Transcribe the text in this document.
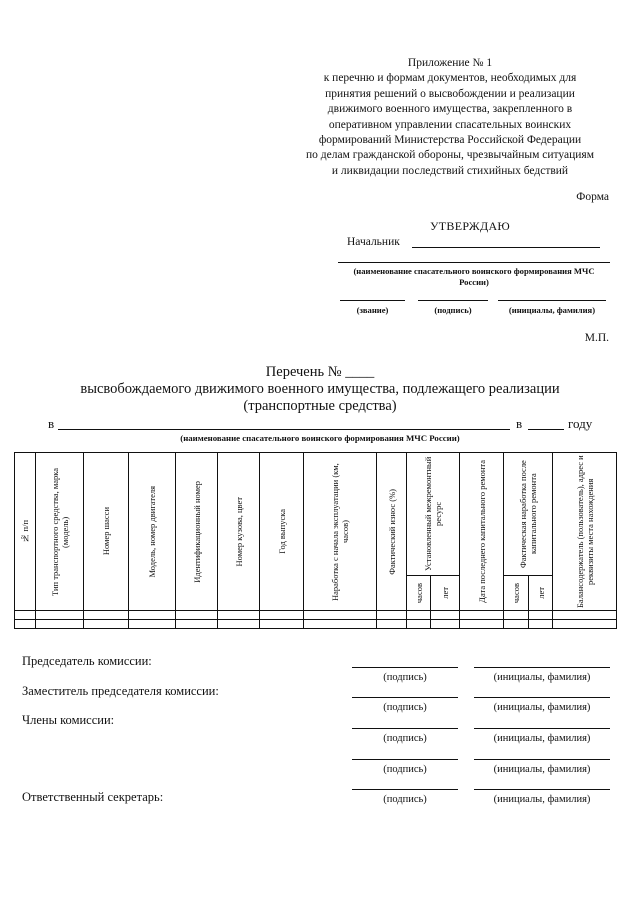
Приложение № 1
к перечню и формам документов, необходимых для
принятия решений о высвобождении и реализации
движимого военного имущества, закрепленного в
оперативном управлении спасательных воинских
формирований Министерства Российской Федерации
по делам гражданской обороны, чрезвычайным ситуациям
и ликвидации последствий стихийных бедствий
Форма
УТВЕРЖДАЮ
Начальник
(наименование спасательного воинского формирования МЧС России)
(звание)	(подпись)	(инициалы, фамилия)
М.П.
Перечень № ____
высвобождаемого движимого военного имущества, подлежащего реализации
(транспортные средства)
в	в	году
(наименование спасательного воинского формирования МЧС России)
№ п/п	Тип транспортного средства, марка (модель)	Номер шасси	Модель, номер двигателя	Идентификационный номер	Номер кузова, цвет	Год выпуска	Наработка с начала эксплуатации (км, часов)	Фактический износ (%)	Установленный межремонтный ресурс		Дата последнего капитального ремонта	Фактическая наработка после капитального ремонта		Балансодержатель (пользователь), адрес и реквизиты места нахождения

									часов	лет		часов	лет	

Председатель комиссии:
(подпись)	(инициалы, фамилия)
Заместитель председателя комиссии:
(подпись)	(инициалы, фамилия)
Члены комиссии:
(подпись)	(инициалы, фамилия)
(подпись)	(инициалы, фамилия)
Ответственный секретарь:	(подпись)	(инициалы, фамилия)
